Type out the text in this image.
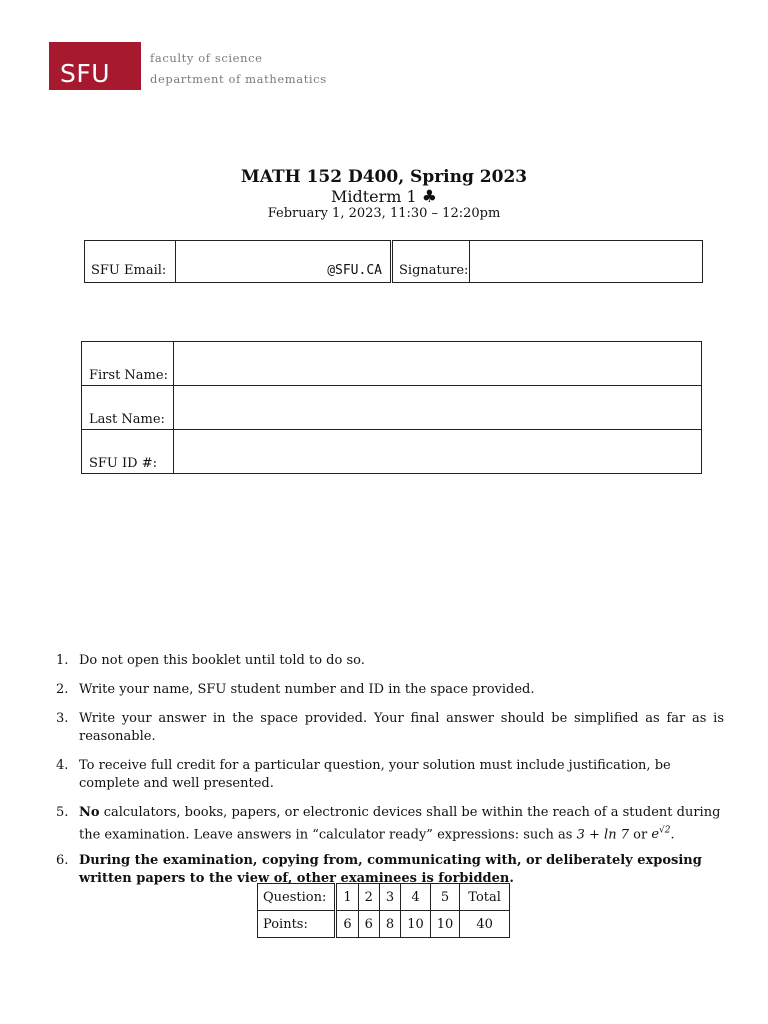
SFU
faculty of science
department of mathematics
MATH 152 D400, Spring 2023
Midterm 1 ♣
February 1, 2023, 11:30 – 12:20pm
SFU Email:	@SFU.CA	Signature:	
First Name:	
Last Name:	
SFU ID #:	
1. Do not open this booklet until told to do so.
2. Write your name, SFU student number and ID in the space provided.
3. Write your answer in the space provided. Your final answer should be simplified as far as is reasonable.
4. To receive full credit for a particular question, your solution must include justification, be complete and well presented.
5. No calculators, books, papers, or electronic devices shall be within the reach of a student during the examination. Leave answers in “calculator ready” expressions: such as 3 + ln 7 or $e^{√2}$.
6. During the examination, copying from, communicating with, or deliberately exposing written papers to the view of, other examinees is forbidden.
Question:	1	2	3	4	5	Total
Points:	6	6	8	10	10	40
